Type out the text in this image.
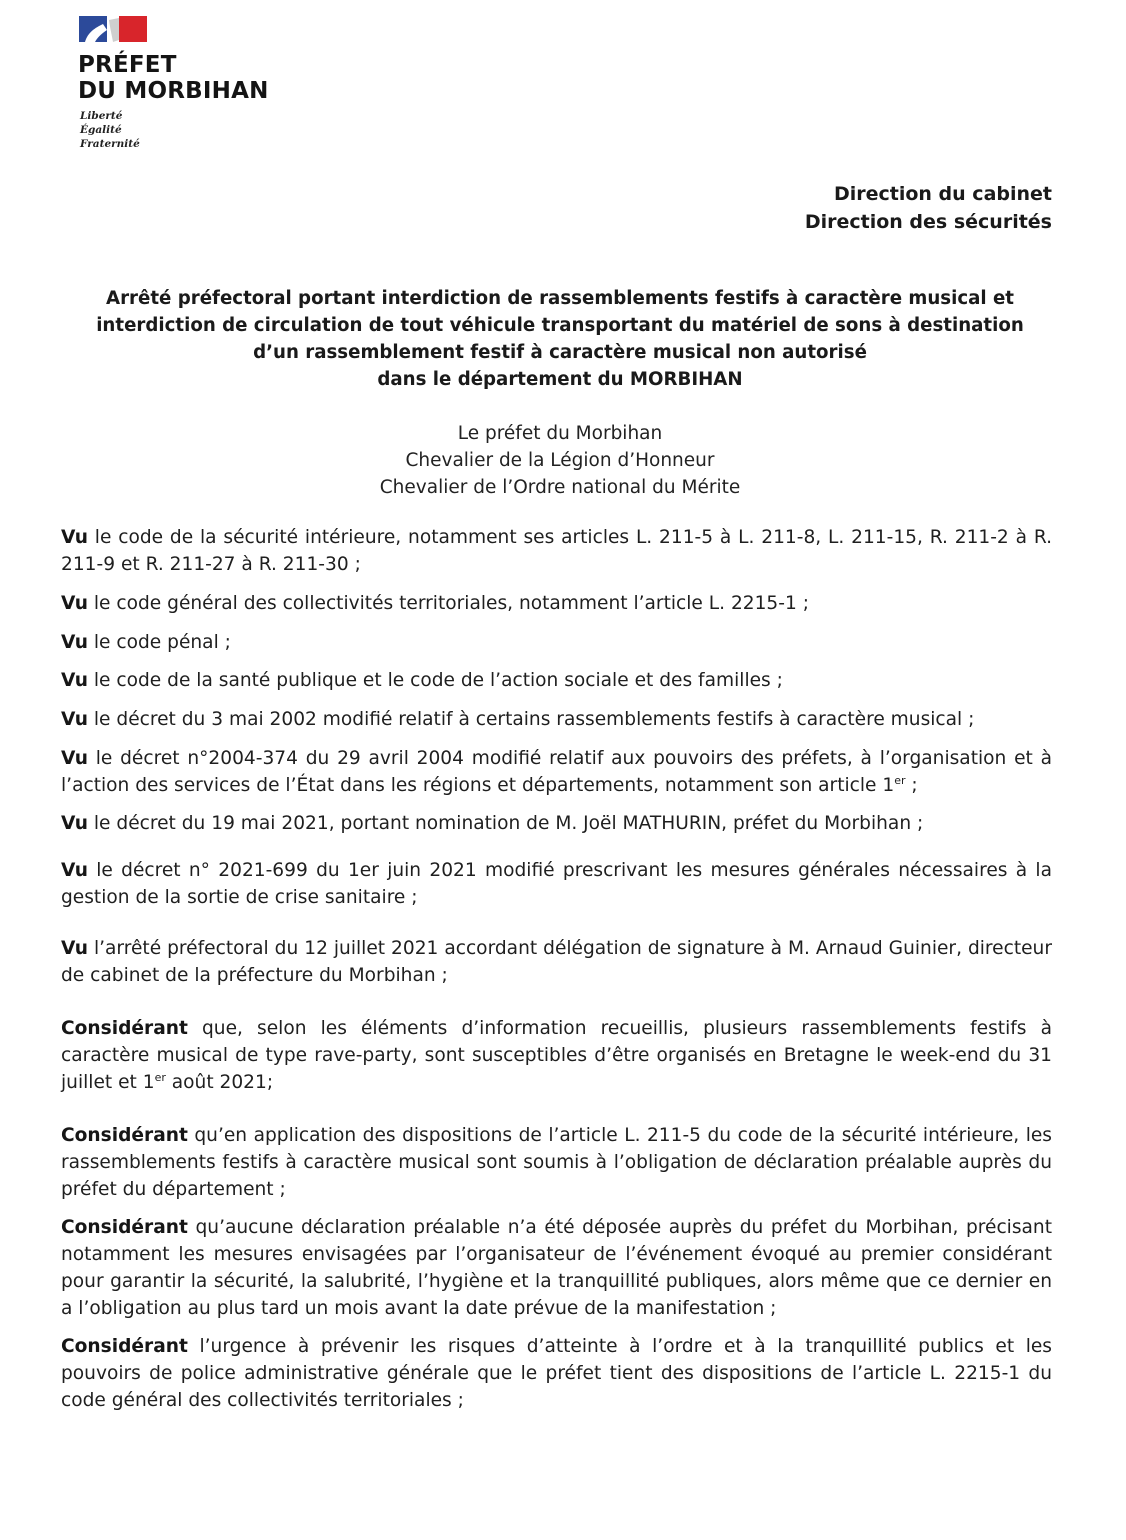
PRÉFET
DU MORBIHAN
Liberté
Égalité
Fraternité
Direction du cabinet
Direction des sécurités
Arrêté préfectoral portant interdiction de rassemblements festifs à caractère musical et
interdiction de circulation de tout véhicule transportant du matériel de sons à destination
d’un rassemblement festif à caractère musical non autorisé
dans le département du MORBIHAN
Le préfet du Morbihan
Chevalier de la Légion d’Honneur
Chevalier de l’Ordre national du Mérite

Vu le code de la sécurité intérieure, notamment ses articles L. 211-5 à L. 211-8, L. 211-15, R. 211-2 à R. 211-9 et R. 211-27 à R. 211-30 ;

Vu le code général des collectivités territoriales, notamment l’article L. 2215-1 ;

Vu le code pénal ;

Vu le code de la santé publique et le code de l’action sociale et des familles ;

Vu le décret du 3 mai 2002 modifié relatif à certains rassemblements festifs à caractère musical ;

Vu le décret n°2004-374 du 29 avril 2004 modifié relatif aux pouvoirs des préfets, à l’organisation et à l’action des services de l’État dans les régions et départements, notamment son article 1er ;

Vu le décret du 19 mai 2021, portant nomination de M. Joël MATHURIN, préfet du Morbihan ;

Vu le décret n° 2021-699 du 1er juin 2021 modifié prescrivant les mesures générales nécessaires à la gestion de la sortie de crise sanitaire ;

Vu l’arrêté préfectoral du 12 juillet 2021 accordant délégation de signature à M. Arnaud Guinier, directeur de cabinet de la préfecture du Morbihan ;

Considérant que, selon les éléments d’information recueillis, plusieurs rassemblements festifs à caractère musical de type rave-party, sont susceptibles d’être organisés en Bretagne le week-end du 31 juillet et 1er août 2021;

Considérant qu’en application des dispositions de l’article L. 211-5 du code de la sécurité intérieure, les rassemblements festifs à caractère musical sont soumis à l’obligation de déclaration préalable auprès du préfet du département ;

Considérant qu’aucune déclaration préalable n’a été déposée auprès du préfet du Morbihan, précisant notamment les mesures envisagées par l’organisateur de l’événement évoqué au premier considérant pour garantir la sécurité, la salubrité, l’hygiène et la tranquillité publiques, alors même que ce dernier en a l’obligation au plus tard un mois avant la date prévue de la manifestation ;

Considérant l’urgence à prévenir les risques d’atteinte à l’ordre et à la tranquillité publics et les pouvoirs de police administrative générale que le préfet tient des dispositions de l’article L. 2215-1 du code général des collectivités territoriales ;
